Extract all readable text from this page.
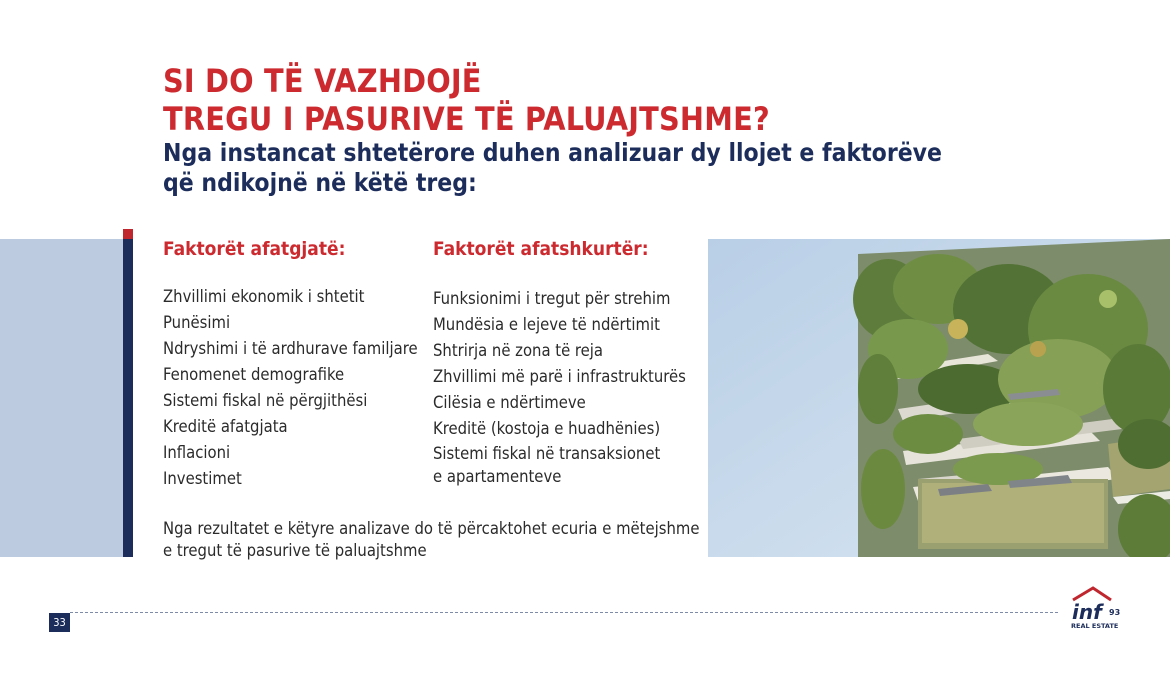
SI DO TË VAZHDOJË
TREGU I PASURIVE TË PALUAJTSHME?
Nga instancat shtetërore duhen analizuar dy llojet e faktorëve
që ndikojnë në këtë treg:
Faktorët afatgjatë:
Zhvillimi ekonomik i shtetit
Punësimi
Ndryshimi i të ardhurave familjare
Fenomenet demografike
Sistemi fiskal në përgjithësi
Kreditë afatgjata
Inflacioni
Investimet
Faktorët afatshkurtër:
Funksionimi i tregut për strehim
Mundësia e lejeve të ndërtimit
Shtrirja në zona të reja
Zhvillimi më parë i infrastrukturës
Cilësia e ndërtimeve
Kreditë (kostoja e huadhënies)
Sistemi fiskal në transaksionet
e apartamenteve
Nga rezultatet e këtyre analizave do të përcaktohet ecuria e mëtejshme
e tregut të pasurive të paluajtshme
33	inf 93
REAL ESTATE
